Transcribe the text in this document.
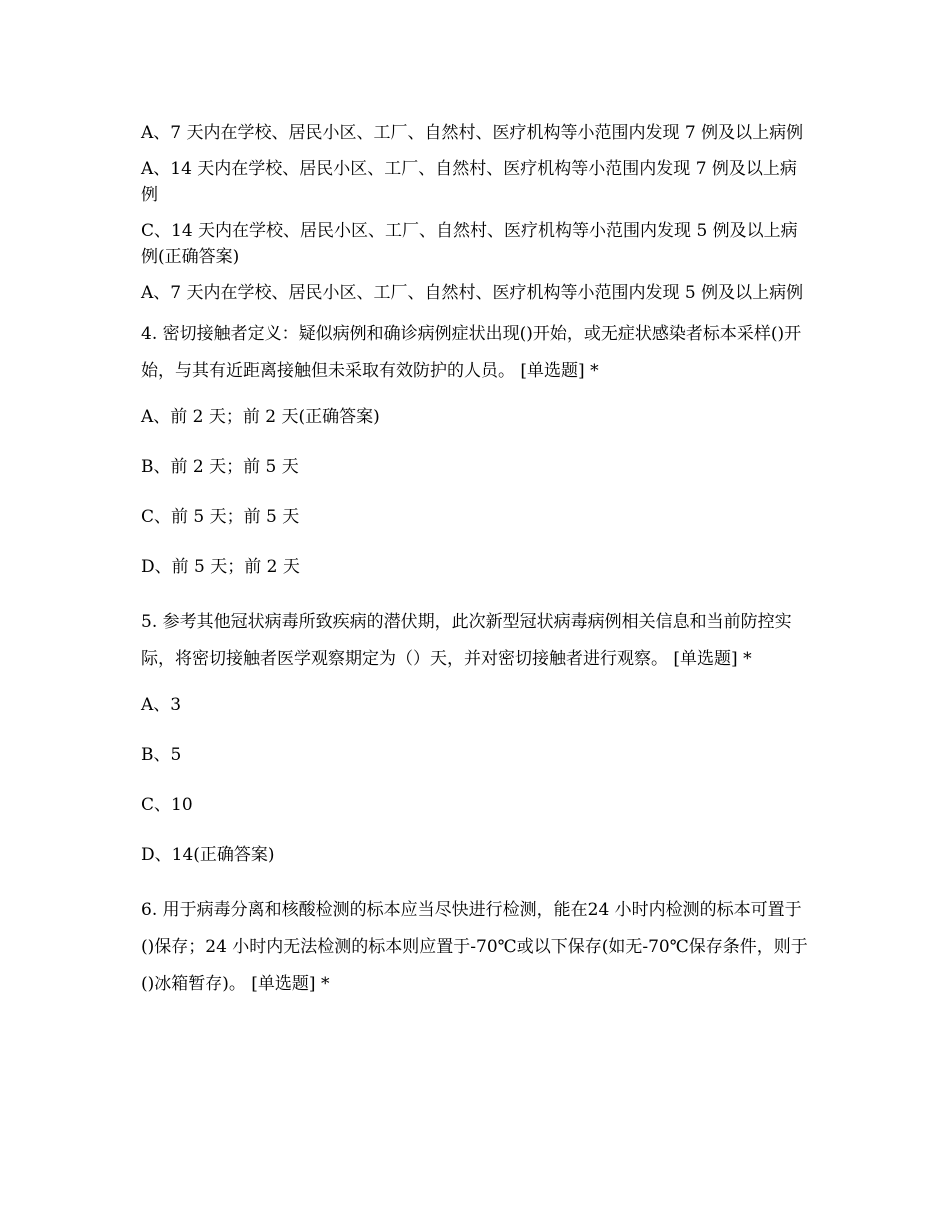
A、7 天内在学校、居民小区、工厂、自然村、医疗机构等小范围内发现 7 例及以上病例
A、14 天内在学校、居民小区、工厂、自然村、医疗机构等小范围内发现 7 例及以上病例
C、14 天内在学校、居民小区、工厂、自然村、医疗机构等小范围内发现 5 例及以上病例(正确答案)
A、7 天内在学校、居民小区、工厂、自然村、医疗机构等小范围内发现 5 例及以上病例
4. 密切接触者定义：疑似病例和确诊病例症状出现()开始，或无症状感染者标本采样()开始，与其有近距离接触但未采取有效防护的人员。 [单选题] *
A、前 2 天；前 2 天(正确答案)
B、前 2 天；前 5 天
C、前 5 天；前 5 天
D、前 5 天；前 2 天
5. 参考其他冠状病毒所致疾病的潜伏期，此次新型冠状病毒病例相关信息和当前防控实际，将密切接触者医学观察期定为（）天，并对密切接触者进行观察。 [单选题] *
A、3
B、5
C、10
D、14(正确答案)
6. 用于病毒分离和核酸检测的标本应当尽快进行检测，能在24 小时内检测的标本可置于()保存；24 小时内无法检测的标本则应置于-70℃或以下保存(如无-70℃保存条件，则于()冰箱暂存)。 [单选题] *
